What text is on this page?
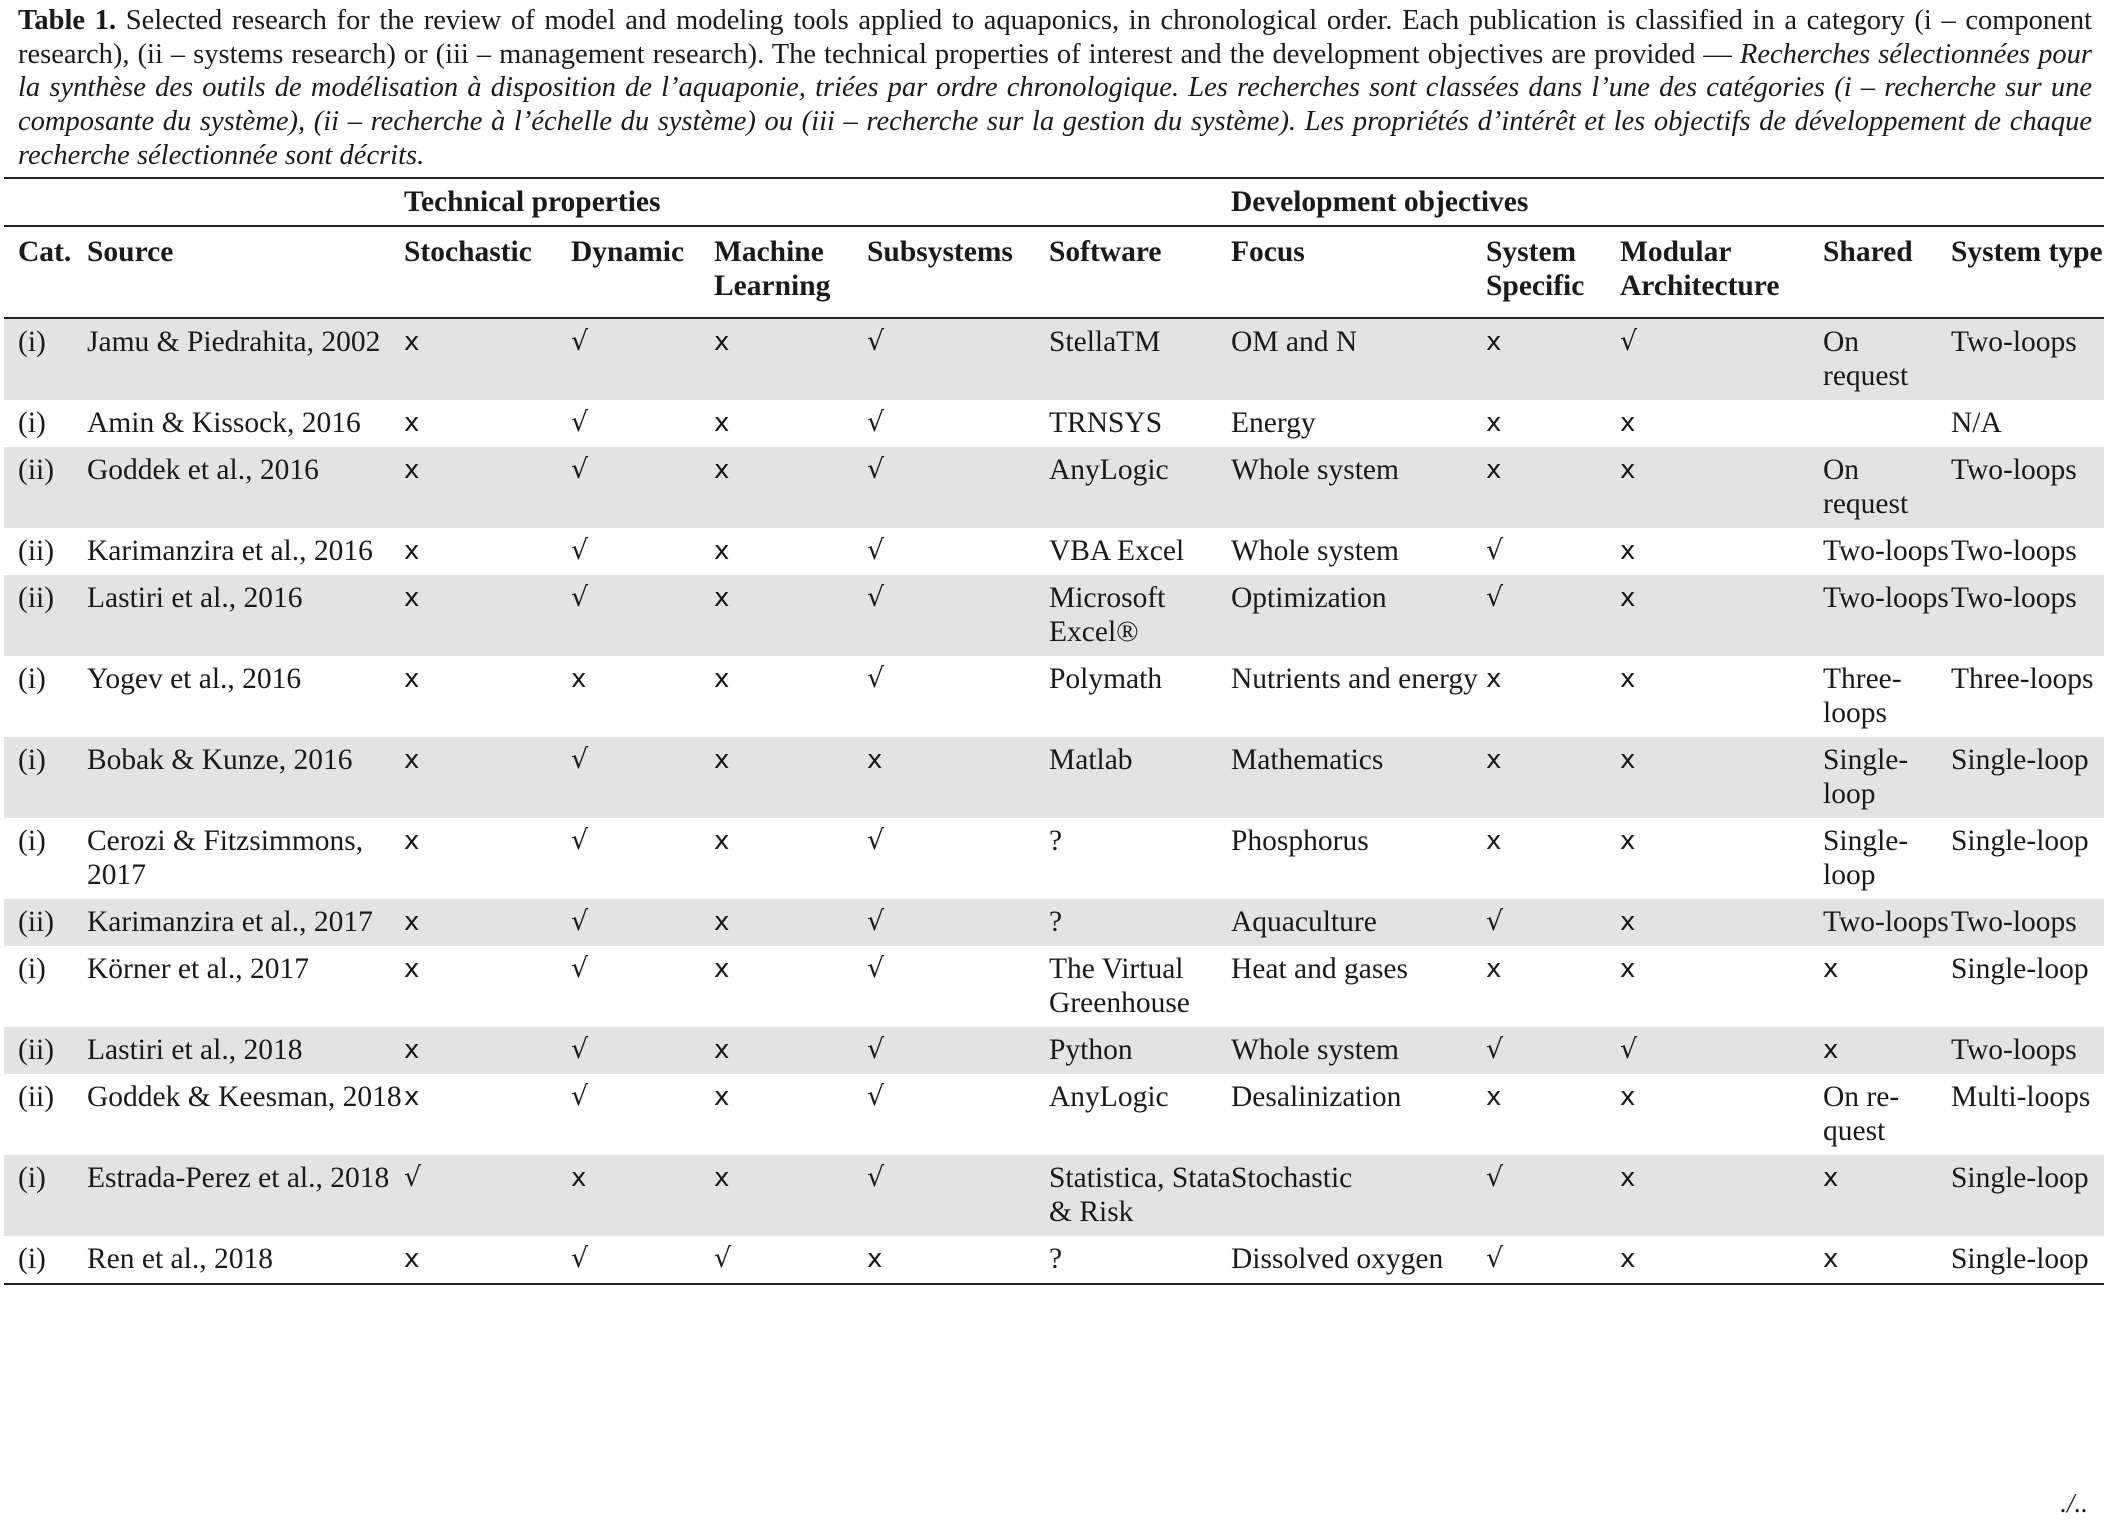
Table 1. Selected research for the review of model and modeling tools applied to aquaponics, in chronological order. Each publication is classified in a category (i – component research), (ii – systems research) or (iii – management research). The technical properties of interest and the development objectives are provided — Recherches sélectionnées pour la synthèse des outils de modélisation à disposition de l’aquaponie, triées par ordre chronologique. Les recherches sont classées dans l’une des catégories (i – recherche sur une composante du système), (ii – recherche à l’échelle du système) ou (iii – recherche sur la gestion du système). Les propriétés d’intérêt et les objectifs de développement de chaque recherche sélectionnée sont décrits.

		Technical properties					Development objectives				
Cat.	Source	Stochastic	Dynamic	Machine Learning	Subsystems	Software	Focus	System Specific	Modular Architecture	Shared	System type
(i)	Jamu & Piedrahita, 2002	x	√	x	√	StellaTM	OM and N	x	√	On request	Two-loops
(i)	Amin & Kissock, 2016	x	√	x	√	TRNSYS	Energy	x	x		N/A
(ii)	Goddek et al., 2016	x	√	x	√	AnyLogic	Whole system	x	x	On request	Two-loops
(ii)	Karimanzira et al., 2016	x	√	x	√	VBA Excel	Whole system	√	x	Two-loops	Two-loops
(ii)	Lastiri et al., 2016	x	√	x	√	Microsoft Excel®	Optimization	√	x	Two-loops	Two-loops
(i)	Yogev et al., 2016	x	x	x	√	Polymath	Nutrients and energy	x	x	Three-loops	Three-loops
(i)	Bobak & Kunze, 2016	x	√	x	x	Matlab	Mathematics	x	x	Single-loop	Single-loop
(i)	Cerozi & Fitzsimmons, 2017	x	√	x	√	?	Phosphorus	x	x	Single-loop	Single-loop
(ii)	Karimanzira et al., 2017	x	√	x	√	?	Aquaculture	√	x	Two-loops	Two-loops
(i)	Körner et al., 2017	x	√	x	√	The Virtual Greenhouse	Heat and gases	x	x	x	Single-loop
(ii)	Lastiri et al., 2018	x	√	x	√	Python	Whole system	√	√	x	Two-loops
(ii)	Goddek & Keesman, 2018	x	√	x	√	AnyLogic	Desalinization	x	x	On re-quest	Multi-loops
(i)	Estrada-Perez et al., 2018	√	x	x	√	Statistica, Stata & Risk	Stochastic	√	x	x	Single-loop
(i)	Ren et al., 2018	x	√	√	x	?	Dissolved oxygen	√	x	x	Single-loop
./..
